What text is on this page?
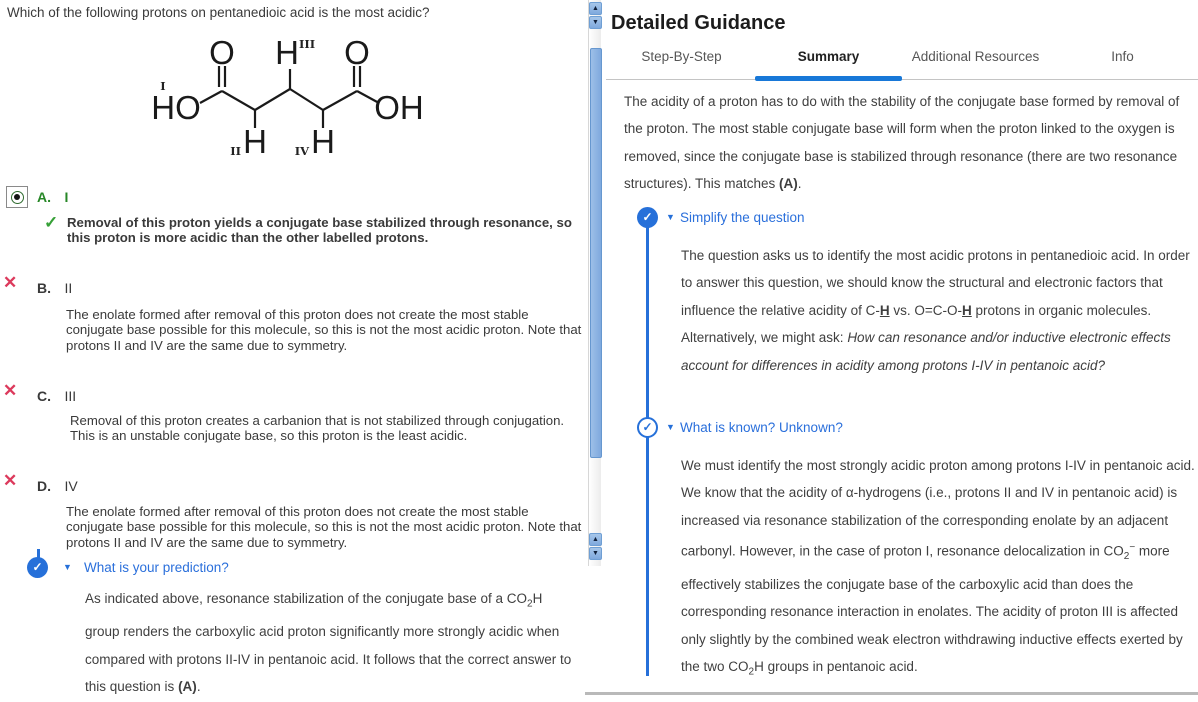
Which of the following protons on pentanedioic acid is the most acidic?
O H III O
I
HO	OH
H
II H
IV
A. I
✓ Removal of this proton yields a conjugate base stabilized through resonance, so this proton is more acidic than the other labelled protons.
✕ B. II
The enolate formed after removal of this proton does not create the most stable conjugate base possible for this molecule, so this is not the most acidic proton. Note that protons II and IV are the same due to symmetry.
✕ C. III
Removal of this proton creates a carbanion that is not stabilized through conjugation. This is an unstable conjugate base, so this proton is the least acidic.
✕ D. IV
The enolate formed after removal of this proton does not create the most stable conjugate base possible for this molecule, so this is not the most acidic proton. Note that protons II and IV are the same due to symmetry.
✓	▼ What is your prediction?
As indicated above, resonance stabilization of the conjugate base of a $CO_2H$ group renders the carboxylic acid proton significantly more strongly acidic when compared with protons II-IV in pentanoic acid. It follows that the correct answer to this question is (A).
▲
▼
▲
▼
Detailed Guidance
Step-By-Step	Summary	Additional Resources	Info
The acidity of a proton has to do with the stability of the conjugate base formed by removal of the proton. The most stable conjugate base will form when the proton linked to the oxygen is removed, since the conjugate base is stabilized through resonance (there are two resonance structures). This matches (A).
✓	▼ Simplify the question
The question asks us to identify the most acidic protons in pentanedioic acid. In order to answer this question, we should know the structural and electronic factors that influence the relative acidity of C-H vs. O=C-O-H protons in organic molecules. Alternatively, we might ask: How can resonance and/or inductive electronic effects account for differences in acidity among protons I-IV in pentanoic acid?
✓	▼ What is known? Unknown?
We must identify the most strongly acidic proton among protons I-IV in pentanoic acid. We know that the acidity of α-hydrogens (i.e., protons II and IV in pentanoic acid) is increased via resonance stabilization of the corresponding enolate by an adjacent carbonyl. However, in the case of proton I, resonance delocalization in $CO_2^-$ more effectively stabilizes the conjugate base of the carboxylic acid than does the corresponding resonance interaction in enolates. The acidity of proton III is affected only slightly by the combined weak electron withdrawing inductive effects exerted by the two $CO_2H$ groups in pentanoic acid.
